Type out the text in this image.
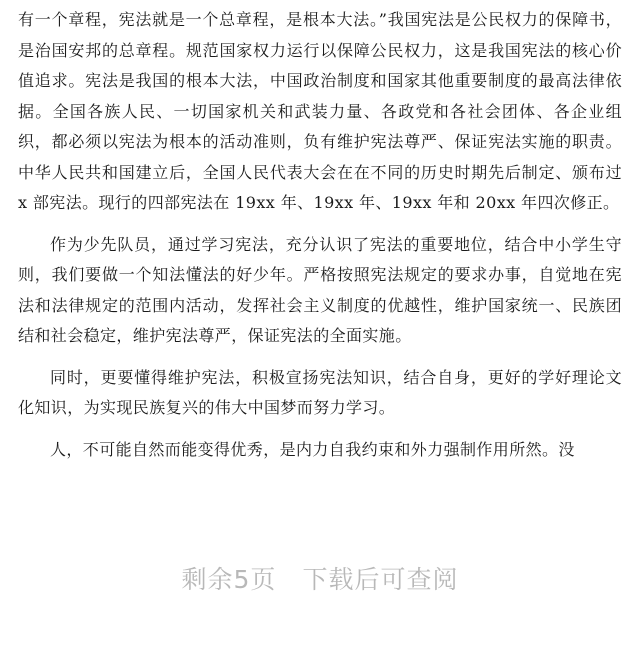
有一个章程，宪法就是一个总章程，是根本大法。”我国宪法是公民权力的保障书，是治国安邦的总章程。规范国家权力运行以保障公民权力，这是我国宪法的核心价值追求。宪法是我国的根本大法，中国政治制度和国家其他重要制度的最高法律依据。全国各族人民、一切国家机关和武装力量、各政党和各社会团体、各企业组织，都必须以宪法为根本的活动准则，负有维护宪法尊严、保证宪法实施的职责。中华人民共和国建立后，全国人民代表大会在在不同的历史时期先后制定、颁布过 x 部宪法。现行的四部宪法在 19xx 年、19xx 年、19xx 年和 20xx 年四次修正。

作为少先队员，通过学习宪法，充分认识了宪法的重要地位，结合中小学生守则，我们要做一个知法懂法的好少年。严格按照宪法规定的要求办事，自觉地在宪法和法律规定的范围内活动，发挥社会主义制度的优越性，维护国家统一、民族团结和社会稳定，维护宪法尊严，保证宪法的全面实施。

同时，更要懂得维护宪法，积极宣扬宪法知识，结合自身，更好的学好理论文化知识，为实现民族复兴的伟大中国梦而努力学习。

人，不可能自然而能变得优秀，是内力自我约束和外力强制作用所然。没

剩余5页 下载后可查阅
